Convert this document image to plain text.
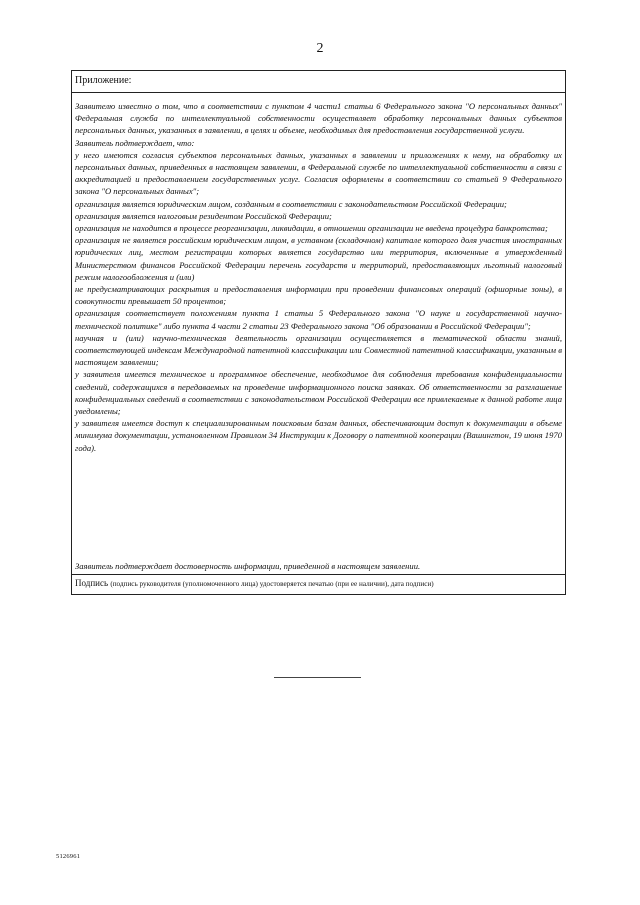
2
Приложение:

Заявителю известно о том, что в соответствии с пунктом 4 части1 статьи 6 Федерального закона "О персональных данных" Федеральная служба по интеллектуальной собственности осуществляет обработку персональных данных субъектов персональных данных, указанных в заявлении, в целях и объеме, необходимых для предоставления государственной услуги.

Заявитель подтверждает, что:

у него имеются согласия субъектов персональных данных, указанных в заявлении и приложениях к нему, на обработку их персональных данных, приведенных в настоящем заявлении, в Федеральной службе по интеллектуальной собственности в связи с аккредитацией и предоставлением государственных услуг. Согласия оформлены в соответствии со статьей 9 Федерального закона "О персональных данных";

организация является юридическим лицом, созданным в соответствии с законодательством Российской Федерации;

организация является налоговым резидентом Российской Федерации;

организация не находится в процессе реорганизации, ликвидации, в отношении организации не введена процедура банкротства;

организация не является российским юридическим лицом, в уставном (складочном) капитале которого доля участия иностранных юридических лиц, местом регистрации которых является государство или территория, включенные в утвержденный Министерством финансов Российской Федерации перечень государств и территорий, предоставляющих льготный налоговый режим налогообложения и (или)

не предусматривающих раскрытия и предоставления информации при проведении финансовых операций (офшорные зоны), в совокупности превышает 50 процентов;

организация соответствует положениям пункта 1 статьи 5 Федерального закона "О науке и государственной научно-технической политике" либо пункта 4 части 2 статьи 23 Федерального закона "Об образовании в Российской Федерации";

научная и (или) научно-техническая деятельность организации осуществляется в тематической области знаний, соответствующей индексам Международной патентной классификации или Совместной патентной классификации, указанным в настоящем заявлении;

у заявителя имеется техническое и программное обеспечение, необходимое для соблюдения требования конфиденциальности сведений, содержащихся в передаваемых на проведение информационного поиска заявках. Об ответственности за разглашение конфиденциальных сведений в соответствии с законодательством Российской Федерации все привлекаемые к данной работе лица уведомлены;

у заявителя имеется доступ к специализированным поисковым базам данных, обеспечивающим доступ к документации в объеме минимума документации, установленном Правилом 34 Инструкции к Договору о патентной кооперации (Вашингтон, 19 июня 1970 года).

Заявитель подтверждает достоверность информации, приведенной в настоящем заявлении.
Подпись (подпись руководителя (уполномоченного лица) удостоверяется печатью (при ее наличии), дата подписи)
5126961
